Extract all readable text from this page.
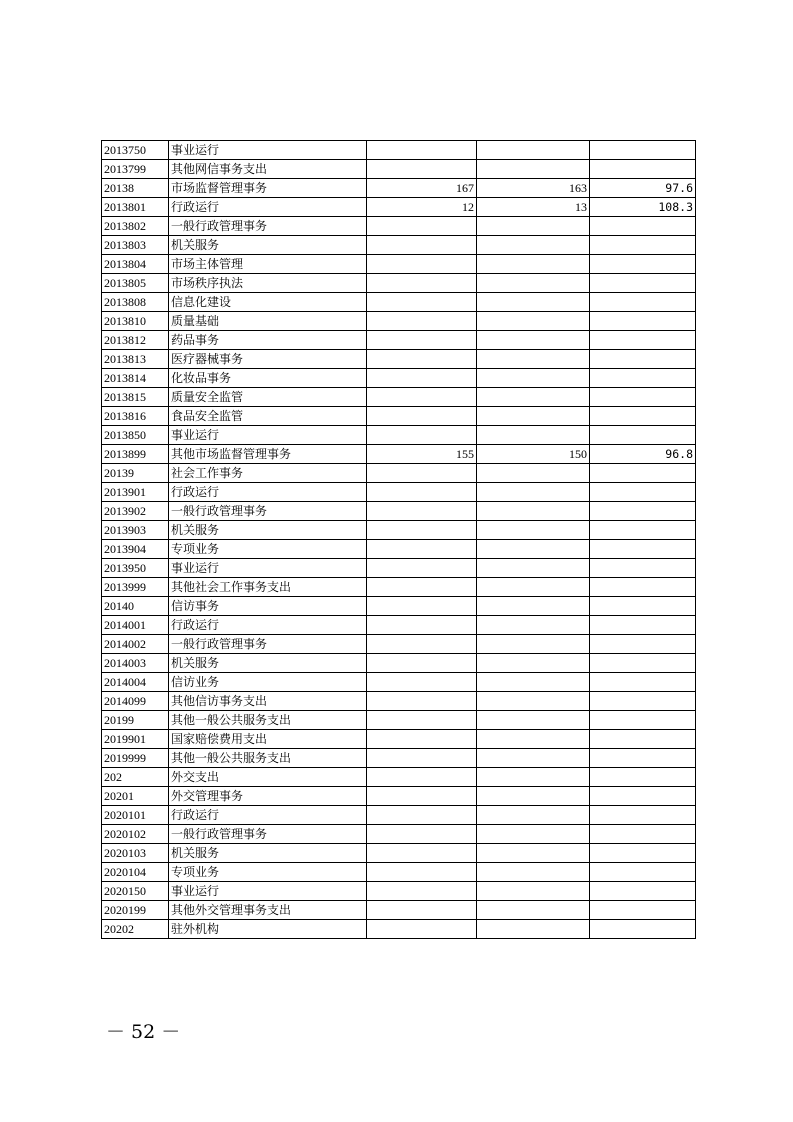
2013750	事业运行			
2013799	其他网信事务支出			
20138	市场监督管理事务	167	163	97.6
2013801	行政运行	12	13	108.3
2013802	一般行政管理事务			
2013803	机关服务			
2013804	市场主体管理			
2013805	市场秩序执法			
2013808	信息化建设			
2013810	质量基础			
2013812	药品事务			
2013813	医疗器械事务			
2013814	化妆品事务			
2013815	质量安全监管			
2013816	食品安全监管			
2013850	事业运行			
2013899	其他市场监督管理事务	155	150	96.8
20139	社会工作事务			
2013901	行政运行			
2013902	一般行政管理事务			
2013903	机关服务			
2013904	专项业务			
2013950	事业运行			
2013999	其他社会工作事务支出			
20140	信访事务			
2014001	行政运行			
2014002	一般行政管理事务			
2014003	机关服务			
2014004	信访业务			
2014099	其他信访事务支出			
20199	其他一般公共服务支出			
2019901	国家赔偿费用支出			
2019999	其他一般公共服务支出			
202	外交支出			
20201	外交管理事务			
2020101	行政运行			
2020102	一般行政管理事务			
2020103	机关服务			
2020104	专项业务			
2020150	事业运行			
2020199	其他外交管理事务支出			
20202	驻外机构			
－ 52 －
